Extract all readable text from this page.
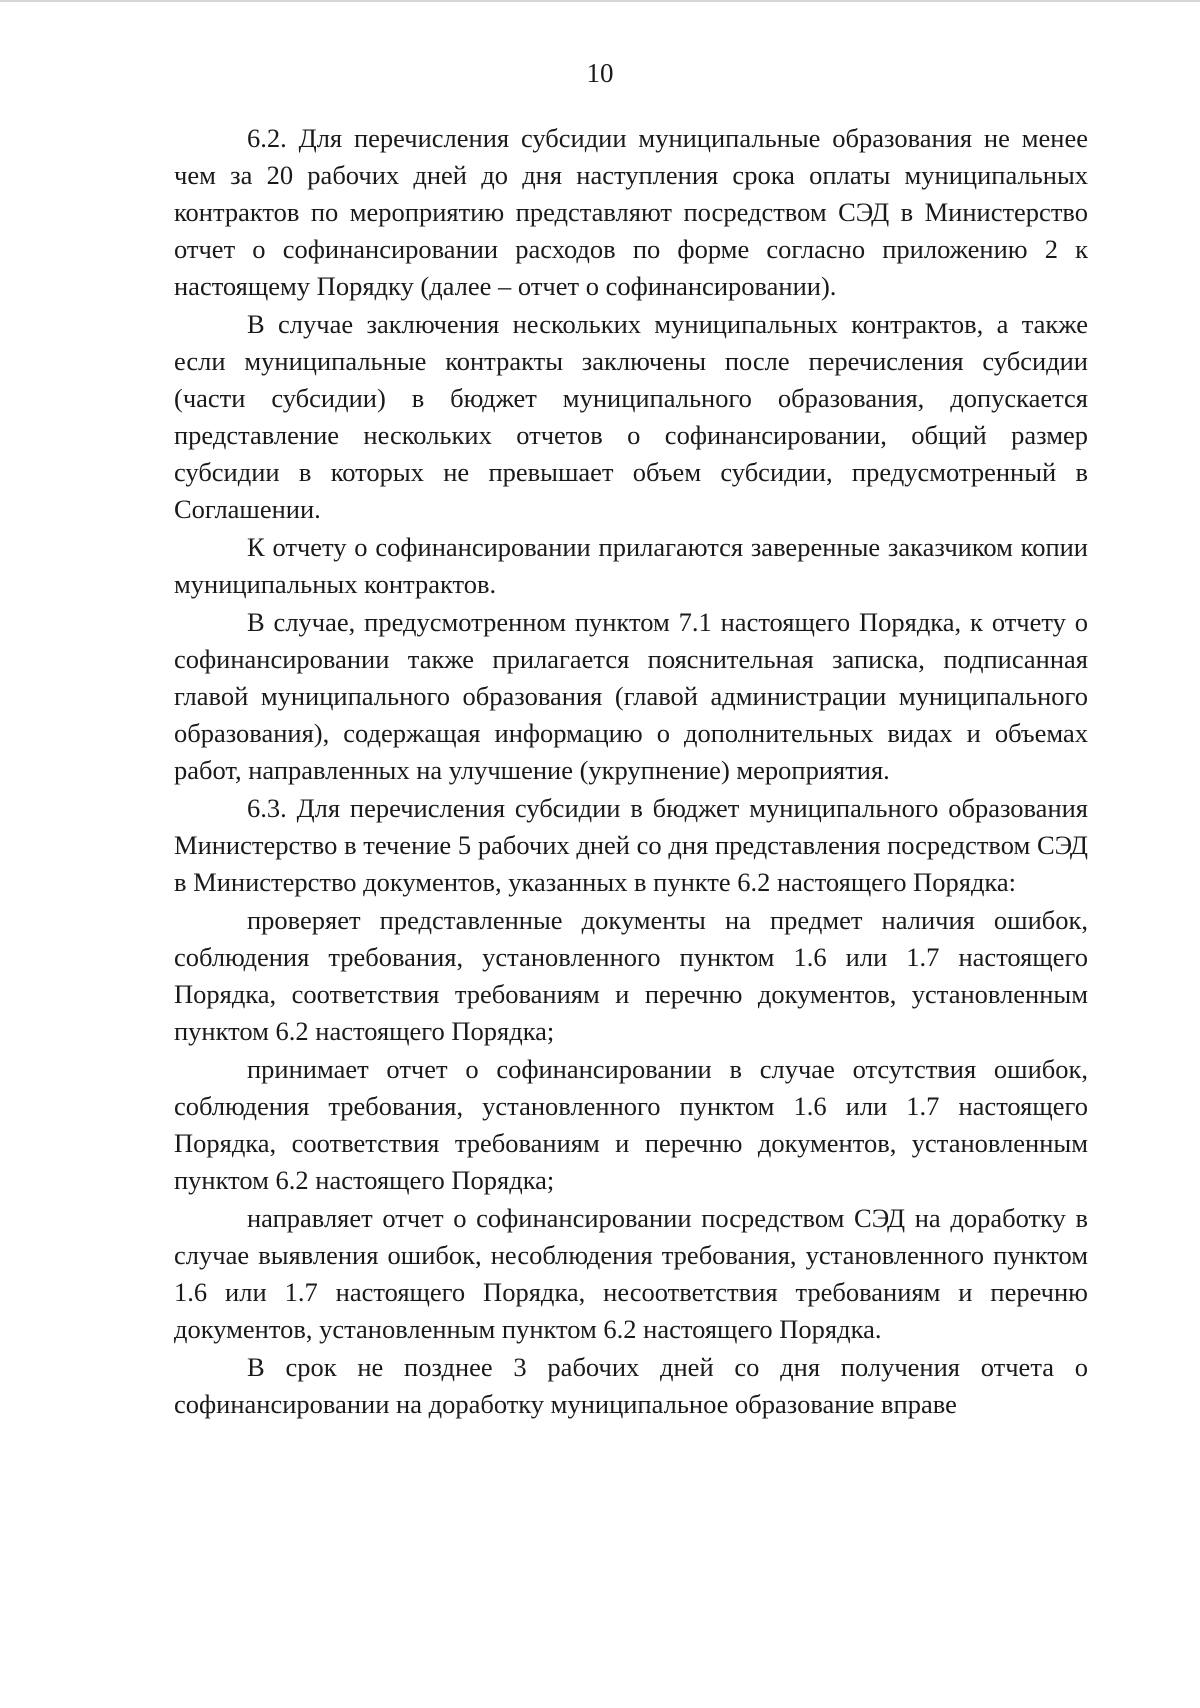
10

6.2. Для перечисления субсидии муниципальные образования не менее чем за 20 рабочих дней до дня наступления срока оплаты муниципальных контрактов по мероприятию представляют посредством СЭД в Министерство отчет о софинансировании расходов по форме согласно приложению 2 к настоящему Порядку (далее – отчет о софинансировании).

В случае заключения нескольких муниципальных контрактов, а также если муниципальные контракты заключены после перечисления субсидии (части субсидии) в бюджет муниципального образования, допускается представление нескольких отчетов о софинансировании, общий размер субсидии в которых не превышает объем субсидии, предусмотренный в Соглашении.

К отчету о софинансировании прилагаются заверенные заказчиком копии муниципальных контрактов.

В случае, предусмотренном пунктом 7.1 настоящего Порядка, к отчету о софинансировании также прилагается пояснительная записка, подписанная главой муниципального образования (главой администрации муниципального образования), содержащая информацию о дополнительных видах и объемах работ, направленных на улучшение (укрупнение) мероприятия.

6.3. Для перечисления субсидии в бюджет муниципального образования Министерство в течение 5 рабочих дней со дня представления посредством СЭД в Министерство документов, указанных в пункте 6.2 настоящего Порядка:

проверяет представленные документы на предмет наличия ошибок, соблюдения требования, установленного пунктом 1.6 или 1.7 настоящего Порядка, соответствия требованиям и перечню документов, установленным пунктом 6.2 настоящего Порядка;

принимает отчет о софинансировании в случае отсутствия ошибок, соблюдения требования, установленного пунктом 1.6 или 1.7 настоящего Порядка, соответствия требованиям и перечню документов, установленным пунктом 6.2 настоящего Порядка;

направляет отчет о софинансировании посредством СЭД на доработку в случае выявления ошибок, несоблюдения требования, установленного пунктом 1.6 или 1.7 настоящего Порядка, несоответствия требованиям и перечню документов, установленным пунктом 6.2 настоящего Порядка.

В срок не позднее 3 рабочих дней со дня получения отчета о софинансировании на доработку муниципальное образование вправе
